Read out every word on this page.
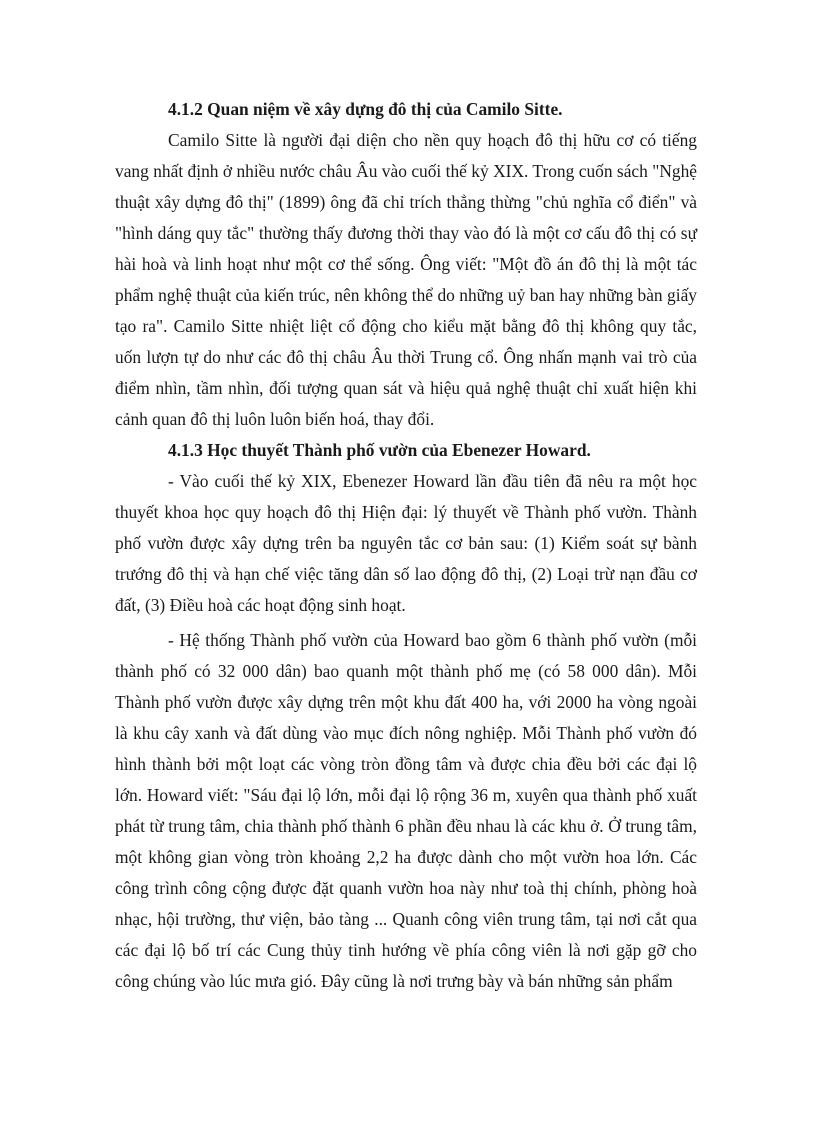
4.1.2 Quan niệm về xây dựng đô thị của Camilo Sitte.

Camilo Sitte là người đại diện cho nền quy hoạch đô thị hữu cơ có tiếng vang nhất định ở nhiều nước châu Âu vào cuối thế kỷ XIX. Trong cuốn sách "Nghệ thuật xây dựng đô thị" (1899) ông đã chỉ trích thẳng thừng "chủ nghĩa cổ điển" và "hình dáng quy tắc" thường thấy đương thời thay vào đó là một cơ cấu đô thị có sự hài hoà và linh hoạt như một cơ thể sống. Ông viết: "Một đồ án đô thị là một tác phẩm nghệ thuật của kiến trúc, nên không thể do những uỷ ban hay những bàn giấy tạo ra". Camilo Sitte nhiệt liệt cổ động cho kiểu mặt bằng đô thị không quy tắc, uốn lượn tự do như các đô thị châu Âu thời Trung cổ. Ông nhấn mạnh vai trò của điểm nhìn, tầm nhìn, đối tượng quan sát và hiệu quả nghệ thuật chỉ xuất hiện khi cảnh quan đô thị luôn luôn biến hoá, thay đổi.

4.1.3 Học thuyết Thành phố vườn của Ebenezer Howard.

- Vào cuối thế kỷ XIX, Ebenezer Howard lần đầu tiên đã nêu ra một học thuyết khoa học quy hoạch đô thị Hiện đại: lý thuyết về Thành phố vườn. Thành phố vườn được xây dựng trên ba nguyên tắc cơ bản sau: (1) Kiểm soát sự bành trướng đô thị và hạn chế việc tăng dân số lao động đô thị, (2) Loại trừ nạn đầu cơ đất, (3) Điều hoà các hoạt động sinh hoạt.

- Hệ thống Thành phố vườn của Howard bao gồm 6 thành phố vườn (mỗi thành phố có 32 000 dân) bao quanh một thành phố mẹ (có 58 000 dân). Mỗi Thành phố vườn được xây dựng trên một khu đất 400 ha, với 2000 ha vòng ngoài là khu cây xanh và đất dùng vào mục đích nông nghiệp. Mỗi Thành phố vườn đó hình thành bởi một loạt các vòng tròn đồng tâm và được chia đều bởi các đại lộ lớn. Howard viết: "Sáu đại lộ lớn, mỗi đại lộ rộng 36 m, xuyên qua thành phố xuất phát từ trung tâm, chia thành phố thành 6 phần đều nhau là các khu ở. Ở trung tâm, một không gian vòng tròn khoảng 2,2 ha được dành cho một vườn hoa lớn. Các công trình công cộng được đặt quanh vườn hoa này như toà thị chính, phòng hoà nhạc, hội trường, thư viện, bảo tàng ... Quanh công viên trung tâm, tại nơi cắt qua các đại lộ bố trí các Cung thủy tinh hướng về phía công viên là nơi gặp gỡ cho công chúng vào lúc mưa gió. Đây cũng là nơi trưng bày và bán những sản phẩm
